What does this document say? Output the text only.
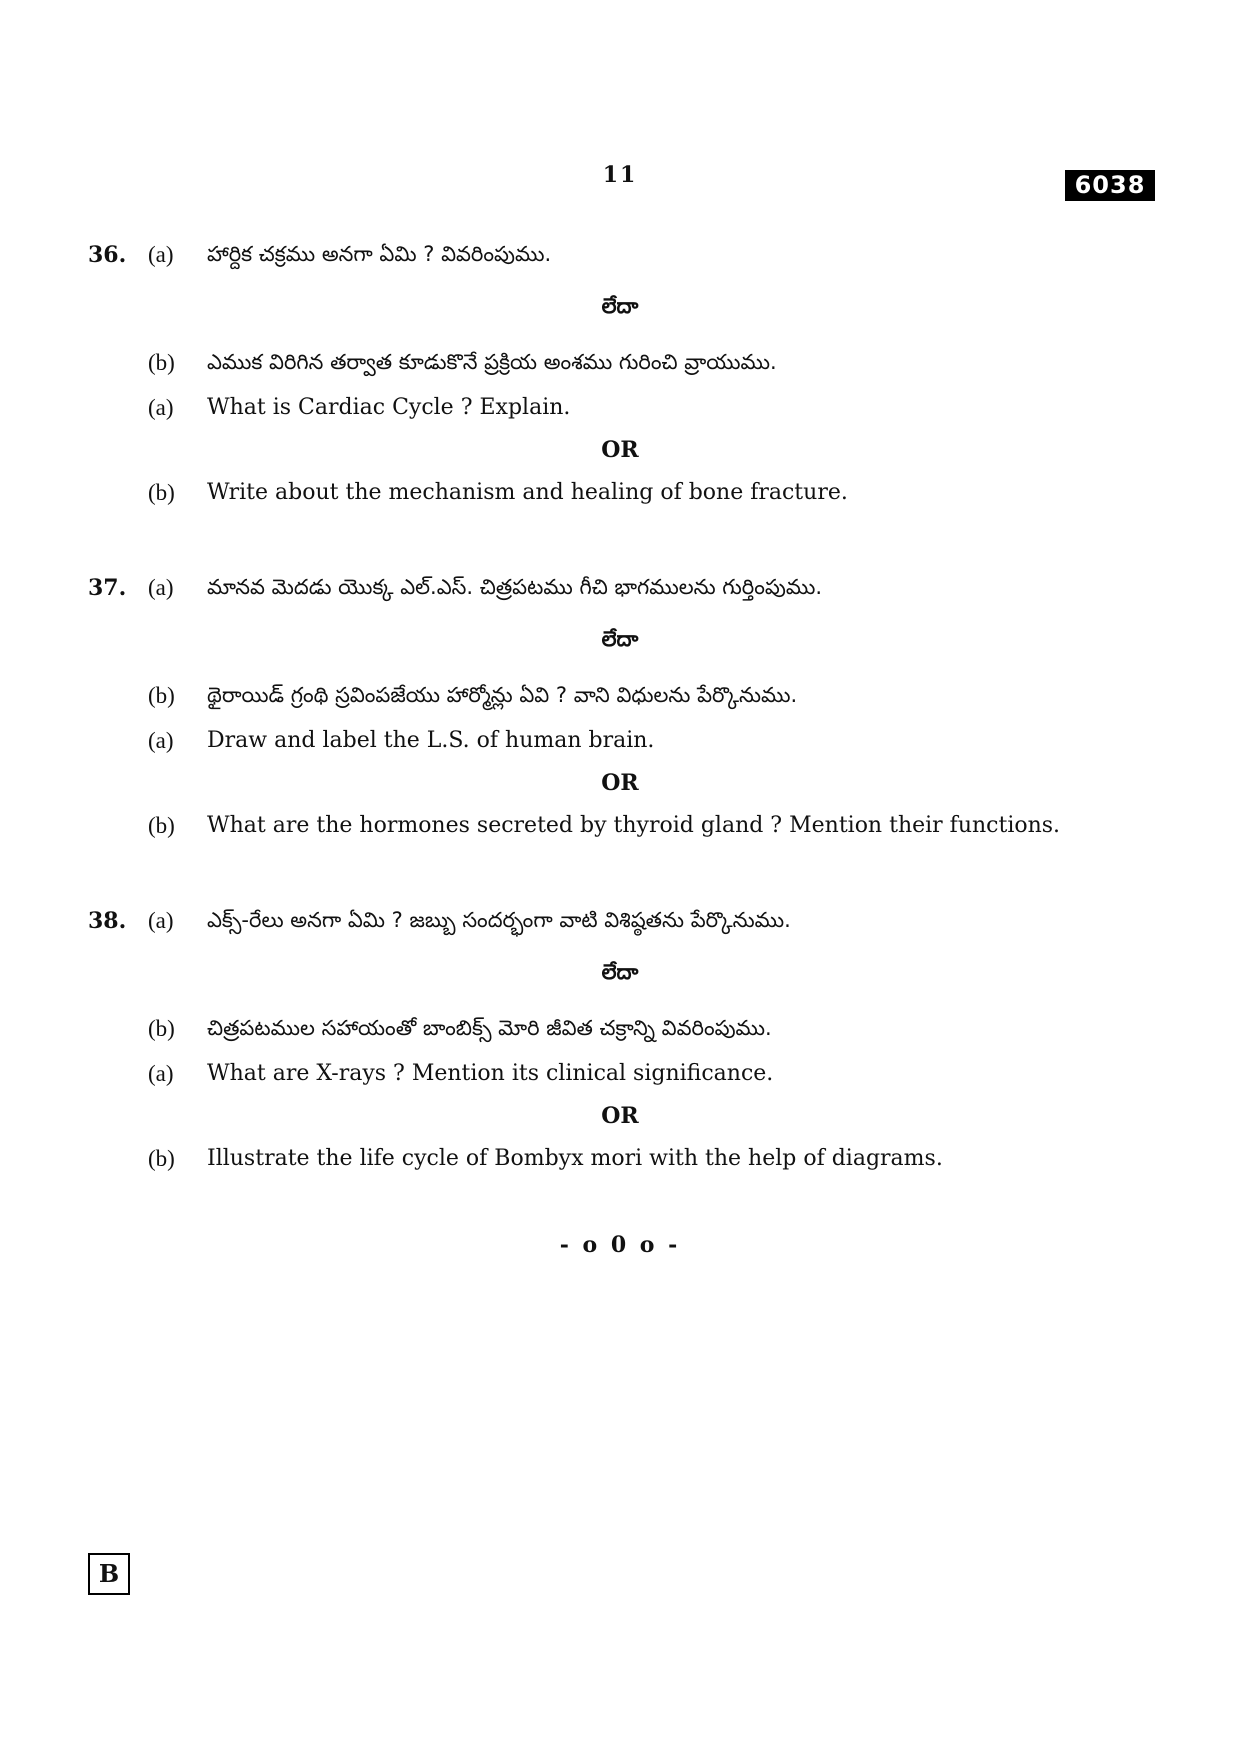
11	6038
36. (a) హార్దిక చక్రము అనగా ఏమి ? వివరింపుము.
లేదా
(b) ఎముక విరిగిన తర్వాత కూడుకొనే ప్రక్రియ అంశము గురించి వ్రాయుము.
(a) What is Cardiac Cycle ? Explain.
OR
(b) Write about the mechanism and healing of bone fracture.
37. (a) మానవ మెదడు యొక్క ఎల్.ఎస్. చిత్రపటము గీచి భాగములను గుర్తింపుము.
లేదా
(b) థైరాయిడ్ గ్రంథి స్రవింపజేయు హార్మోన్లు ఏవి ? వాని విధులను పేర్కొనుము.
(a) Draw and label the L.S. of human brain.
OR
(b) What are the hormones secreted by thyroid gland ? Mention their functions.
38. (a) ఎక్స్-రేలు అనగా ఏమి ? జబ్బు సందర్భంగా వాటి విశిష్ఠతను పేర్కొనుము.
లేదా
(b) చిత్రపటముల సహాయంతో బాంబిక్స్ మోరి జీవిత చక్రాన్ని వివరింపుము.
(a) What are X-rays ? Mention its clinical significance.
OR
(b) Illustrate the life cycle of Bombyx mori with the help of diagrams.
- o 0 o -
B
